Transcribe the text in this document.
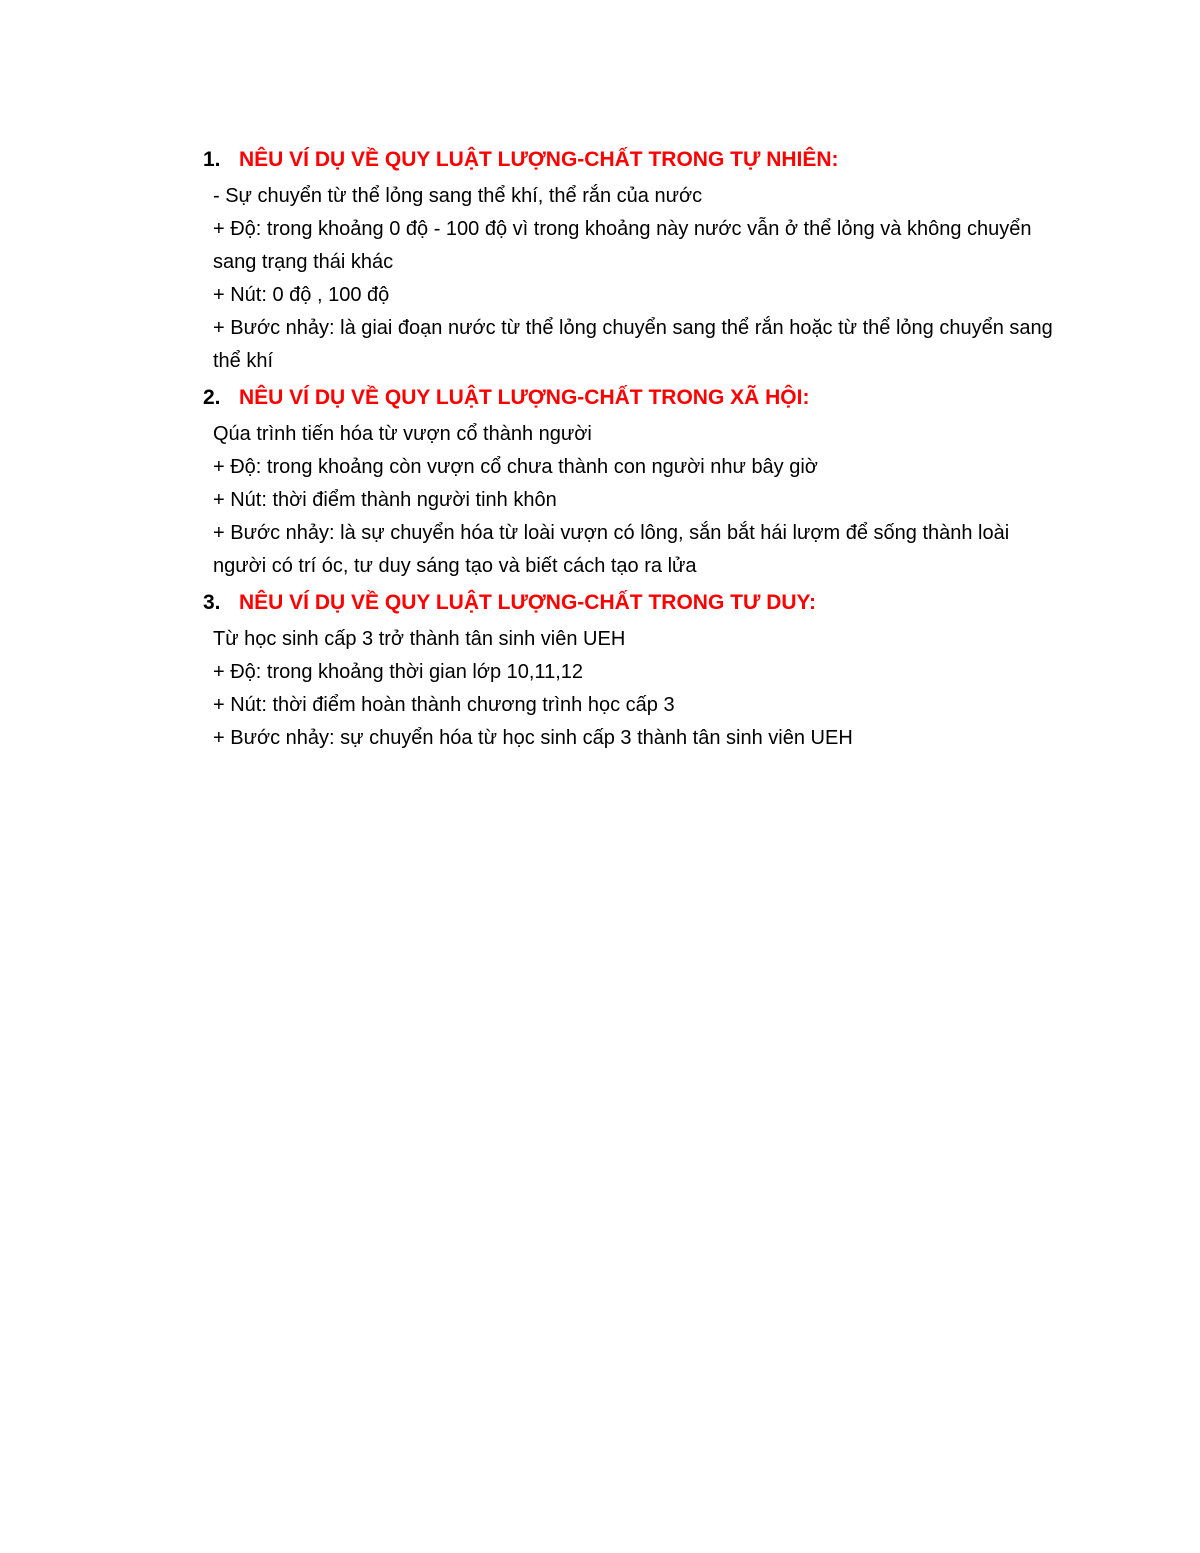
1. NÊU VÍ DỤ VỀ QUY LUẬT LƯỢNG-CHẤT TRONG TỰ NHIÊN:
- Sự chuyển từ thể lỏng sang thể khí, thể rắn của nước
+ Độ: trong khoảng 0 độ - 100 độ vì trong khoảng này nước vẫn ở thể lỏng và không chuyển sang trạng thái khác
+ Nút: 0 độ , 100 độ
+ Bước nhảy: là giai đoạn nước từ thể lỏng chuyển sang thể rắn hoặc từ thể lỏng chuyển sang thể khí
2. NÊU VÍ DỤ VỀ QUY LUẬT LƯỢNG-CHẤT TRONG XÃ HỘI:
Qúa trình tiến hóa từ vượn cổ thành người
+ Độ: trong khoảng còn vượn cổ chưa thành con người như bây giờ
+ Nút: thời điểm thành người tinh khôn
+ Bước nhảy: là sự chuyển hóa từ loài vượn có lông, sắn bắt hái lượm để sống thành loài người có trí óc, tư duy sáng tạo và biết cách tạo ra lửa
3. NÊU VÍ DỤ VỀ QUY LUẬT LƯỢNG-CHẤT TRONG TƯ DUY:
Từ học sinh cấp 3 trở thành tân sinh viên UEH
+ Độ: trong khoảng thời gian lớp 10,11,12
+ Nút: thời điểm hoàn thành chương trình học cấp 3
+ Bước nhảy: sự chuyển hóa từ học sinh cấp 3 thành tân sinh viên UEH
